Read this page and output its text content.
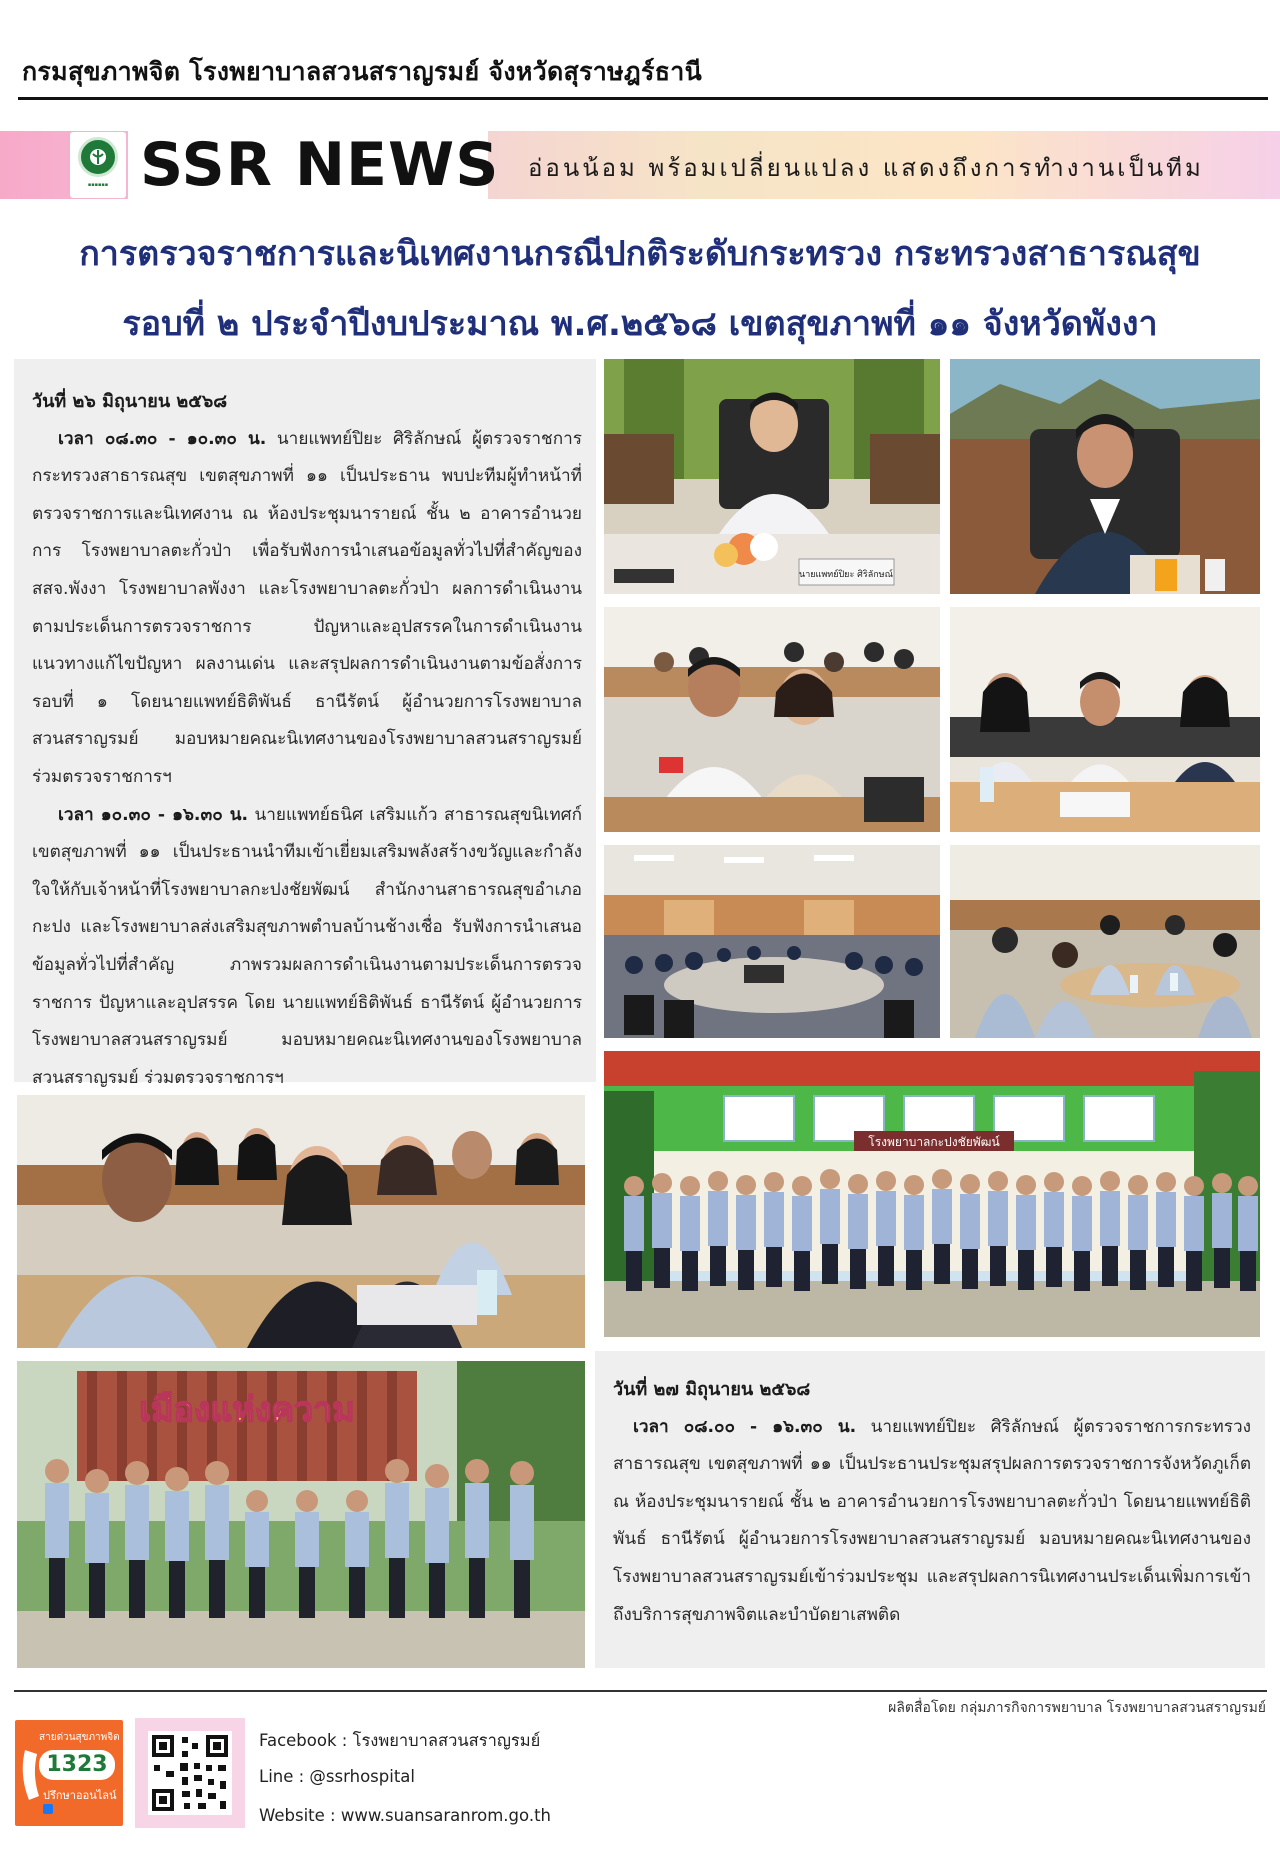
กรมสุขภาพจิต โรงพยาบาลสวนสราญรมย์ จังหวัดสุราษฎร์ธานี
▪▪▪▪▪▪ SSR NEWS อ่อนน้อม พร้อมเปลี่ยนแปลง แสดงถึงการทำงานเป็นทีม
การตรวจราชการและนิเทศงานกรณีปกติระดับกระทรวง กระทรวงสาธารณสุข
รอบที่ ๒ ประจำปีงบประมาณ พ.ศ.๒๕๖๘ เขตสุขภาพที่ ๑๑ จังหวัดพังงา
วันที่ ๒๖ มิถุนายน ๒๕๖๘
เวลา ๐๘.๓๐ - ๑๐.๓๐ น. นายแพทย์ปิยะ ศิริลักษณ์ ผู้ตรวจราชการกระทรวงสาธารณสุข เขตสุขภาพที่ ๑๑ เป็นประธาน พบปะทีมผู้ทำหน้าที่ตรวจราชการและนิเทศงาน ณ ห้องประชุมนารายณ์ ชั้น ๒ อาคารอำนวยการ โรงพยาบาลตะกั่วป่า เพื่อรับฟังการนำเสนอข้อมูลทั่วไปที่สำคัญของสสจ.พังงา โรงพยาบาลพังงา และโรงพยาบาลตะกั่วป่า ผลการดำเนินงานตามประเด็นการตรวจราชการ ปัญหาและอุปสรรคในการดำเนินงาน แนวทางแก้ไขปัญหา ผลงานเด่น และสรุปผลการดำเนินงานตามข้อสั่งการ รอบที่ ๑ โดยนายแพทย์ธิติพันธ์ ธานีรัตน์ ผู้อำนวยการโรงพยาบาลสวนสราญรมย์ มอบหมายคณะนิเทศงานของโรงพยาบาลสวนสราญรมย์ ร่วมตรวจราชการฯ
เวลา ๑๐.๓๐ - ๑๖.๓๐ น. นายแพทย์ธนิศ เสริมแก้ว สาธารณสุขนิเทศก์ เขตสุขภาพที่ ๑๑ เป็นประธานนำทีมเข้าเยี่ยมเสริมพลังสร้างขวัญและกำลังใจให้กับเจ้าหน้าที่โรงพยาบาลกะปงชัยพัฒน์ สำนักงานสาธารณสุขอำเภอกะปง และโรงพยาบาลส่งเสริมสุขภาพตำบลบ้านช้างเชื่อ รับฟังการนำเสนอข้อมูลทั่วไปที่สำคัญ ภาพรวมผลการดำเนินงานตามประเด็นการตรวจราชการ ปัญหาและอุปสรรค โดย นายแพทย์ธิติพันธ์ ธานีรัตน์ ผู้อำนวยการโรงพยาบาลสวนสราญรมย์ มอบหมายคณะนิเทศงานของโรงพยาบาลสวนสราญรมย์ ร่วมตรวจราชการฯ
นายแพทย์ปิยะ ศิริลักษณ์
โรงพยาบาลกะปงชัยพัฒน์
เมืองแห่งความ
วันที่ ๒๗ มิถุนายน ๒๕๖๘
เวลา ๐๘.๐๐ - ๑๖.๓๐ น. นายแพทย์ปิยะ ศิริลักษณ์ ผู้ตรวจราชการกระทรวงสาธารณสุข เขตสุขภาพที่ ๑๑ เป็นประธานประชุมสรุปผลการตรวจราชการจังหวัดภูเก็ต ณ ห้องประชุมนารายณ์ ชั้น ๒ อาคารอำนวยการโรงพยาบาลตะกั่วป่า โดยนายแพทย์ธิติพันธ์ ธานีรัตน์ ผู้อำนวยการโรงพยาบาลสวนสราญรมย์ มอบหมายคณะนิเทศงานของโรงพยาบาลสวนสราญรมย์เข้าร่วมประชุม และสรุปผลการนิเทศงานประเด็นเพิ่มการเข้าถึงบริการสุขภาพจิตและบำบัดยาเสพติด
ผลิตสื่อโดย กลุ่มภารกิจการพยาบาล โรงพยาบาลสวนสราญรมย์
สายด่วนสุขภาพจิต
1323
ปรึกษาออนไลน์
Facebook : โรงพยาบาลสวนสราญรมย์
Line : @ssrhospital
Website : www.suansaranrom.go.th
